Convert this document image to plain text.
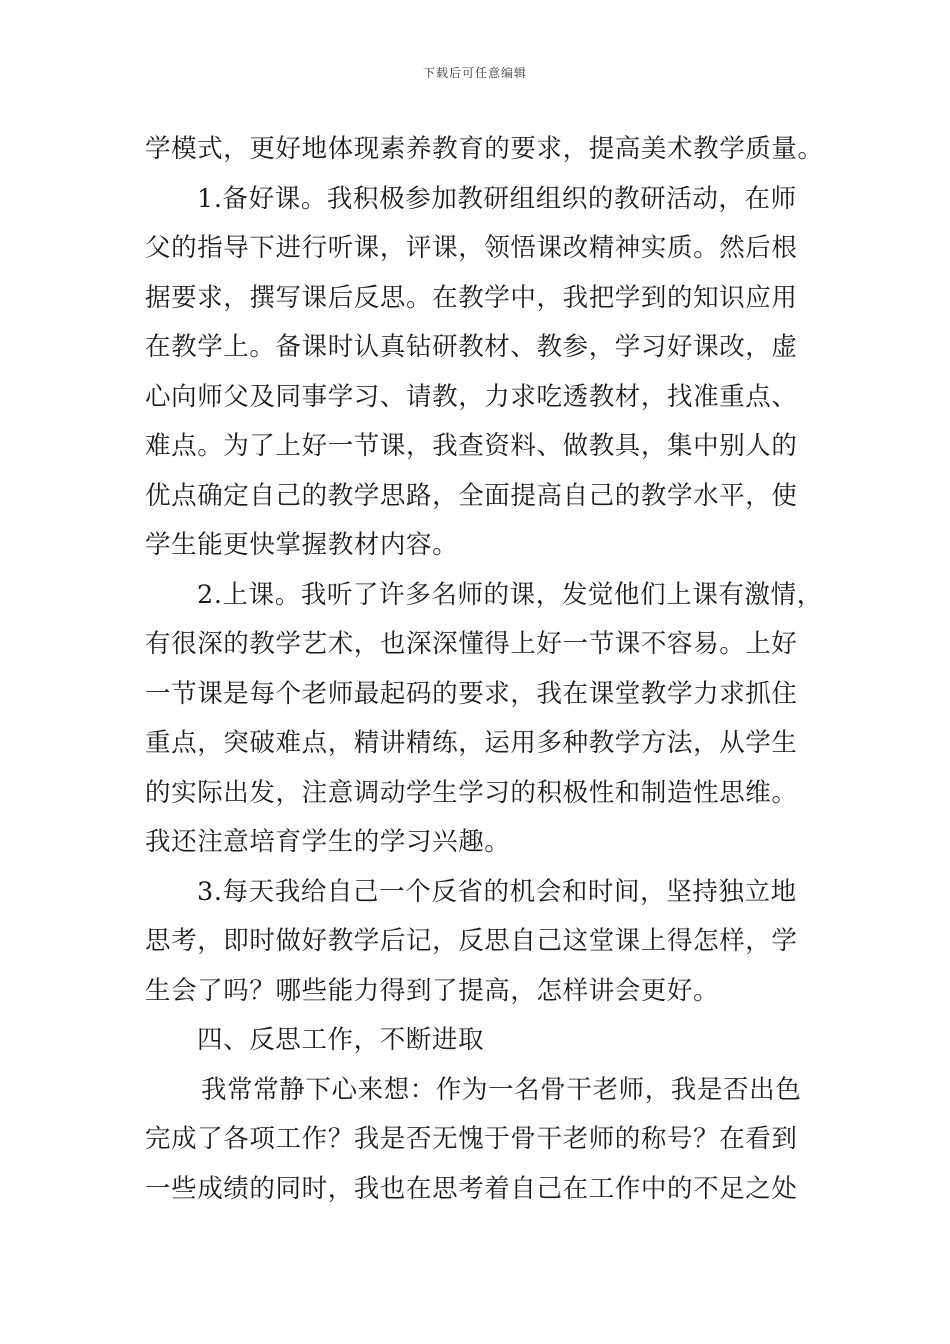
下载后可任意编辑
学模式，更好地体现素养教育的要求，提高美术教学质量。
1.备好课。我积极参加教研组组织的教研活动，在师
父的指导下进行听课，评课，领悟课改精神实质。然后根
据要求，撰写课后反思。在教学中，我把学到的知识应用
在教学上。备课时认真钻研教材、教参，学习好课改，虚
心向师父及同事学习、请教，力求吃透教材，找准重点、
难点。为了上好一节课，我查资料、做教具，集中别人的
优点确定自己的教学思路，全面提高自己的教学水平，使
学生能更快掌握教材内容。
2.上课。我听了许多名师的课，发觉他们上课有激情，
有很深的教学艺术，也深深懂得上好一节课不容易。上好
一节课是每个老师最起码的要求，我在课堂教学力求抓住
重点，突破难点，精讲精练，运用多种教学方法，从学生
的实际出发，注意调动学生学习的积极性和制造性思维。
我还注意培育学生的学习兴趣。
3.每天我给自己一个反省的机会和时间，坚持独立地
思考，即时做好教学后记，反思自己这堂课上得怎样，学
生会了吗？哪些能力得到了提高，怎样讲会更好。
四、反思工作，不断进取
我常常静下心来想：作为一名骨干老师，我是否出色
完成了各项工作？我是否无愧于骨干老师的称号？在看到
一些成绩的同时，我也在思考着自己在工作中的不足之处
